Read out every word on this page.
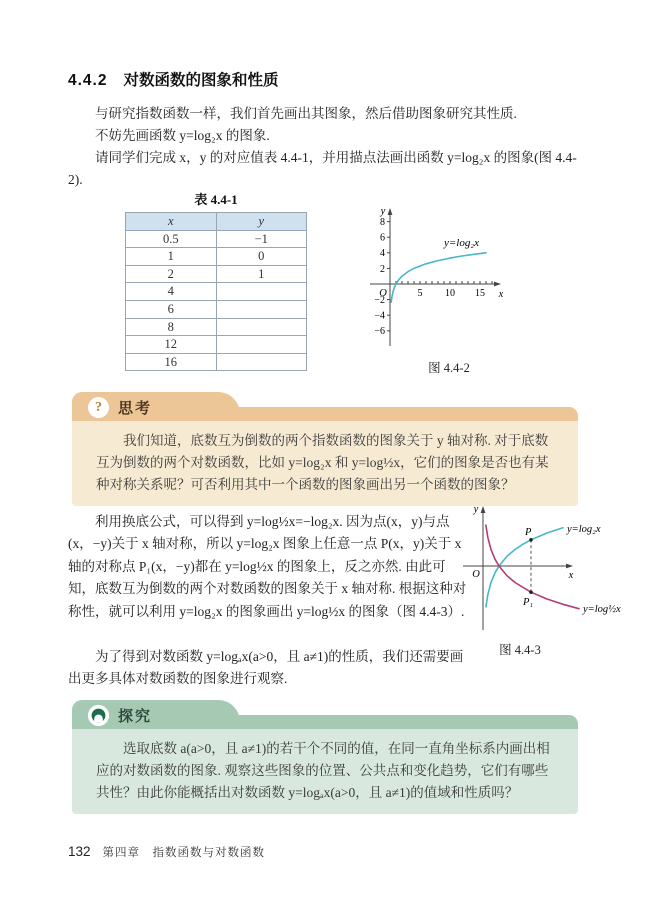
4.4.2 对数函数的图象和性质

与研究指数函数一样，我们首先画出其图象，然后借助图象研究其性质.

不妨先画函数 y=log₂x 的图象.

请同学们完成 x，y 的对应值表 4.4-1，并用描点法画出函数 y=log₂x 的图象(图 4.4-2).

表 4.4-1
x	y
0.5	−1
1	0
2	1
4	
6	
8	
12	
16	
8
6
4
2
−2
−4
−6
5 10 15
O	x
y
y=log₂x
图 4.4-2
?	思考

我们知道，底数互为倒数的两个指数函数的图象关于 y 轴对称. 对于底数互为倒数的两个对数函数，比如 y=log₂x 和 y=log½x，它们的图象是否也有某种对称关系呢？可否利用其中一个函数的图象画出另一个函数的图象？

利用换底公式，可以得到 y=log½x=−log₂x. 因为点(x，y)与点(x，−y)关于 x 轴对称，所以 y=log₂x 图象上任意一点 P(x，y)关于 x 轴的对称点 P₁(x，−y)都在 y=log½x 的图象上，反之亦然. 由此可知，底数互为倒数的两个对数函数的图象关于 x 轴对称. 根据这种对称性，就可以利用 y=log₂x 的图象画出 y=log½x 的图象（图 4.4-3）.

为了得到对数函数 y=logₐx(a>0，且 a≠1)的性质，我们还需要画出更多具体对数函数的图象进行观察.

P
P₁
y=log₂x
y=log½x
O	x
y
图 4.4-3
探究

选取底数 a(a>0，且 a≠1)的若干个不同的值，在同一直角坐标系内画出相应的对数函数的图象. 观察这些图象的位置、公共点和变化趋势，它们有哪些共性？由此你能概括出对数函数 y=logₐx(a>0，且 a≠1)的值域和性质吗？

132 第四章　指数函数与对数函数
